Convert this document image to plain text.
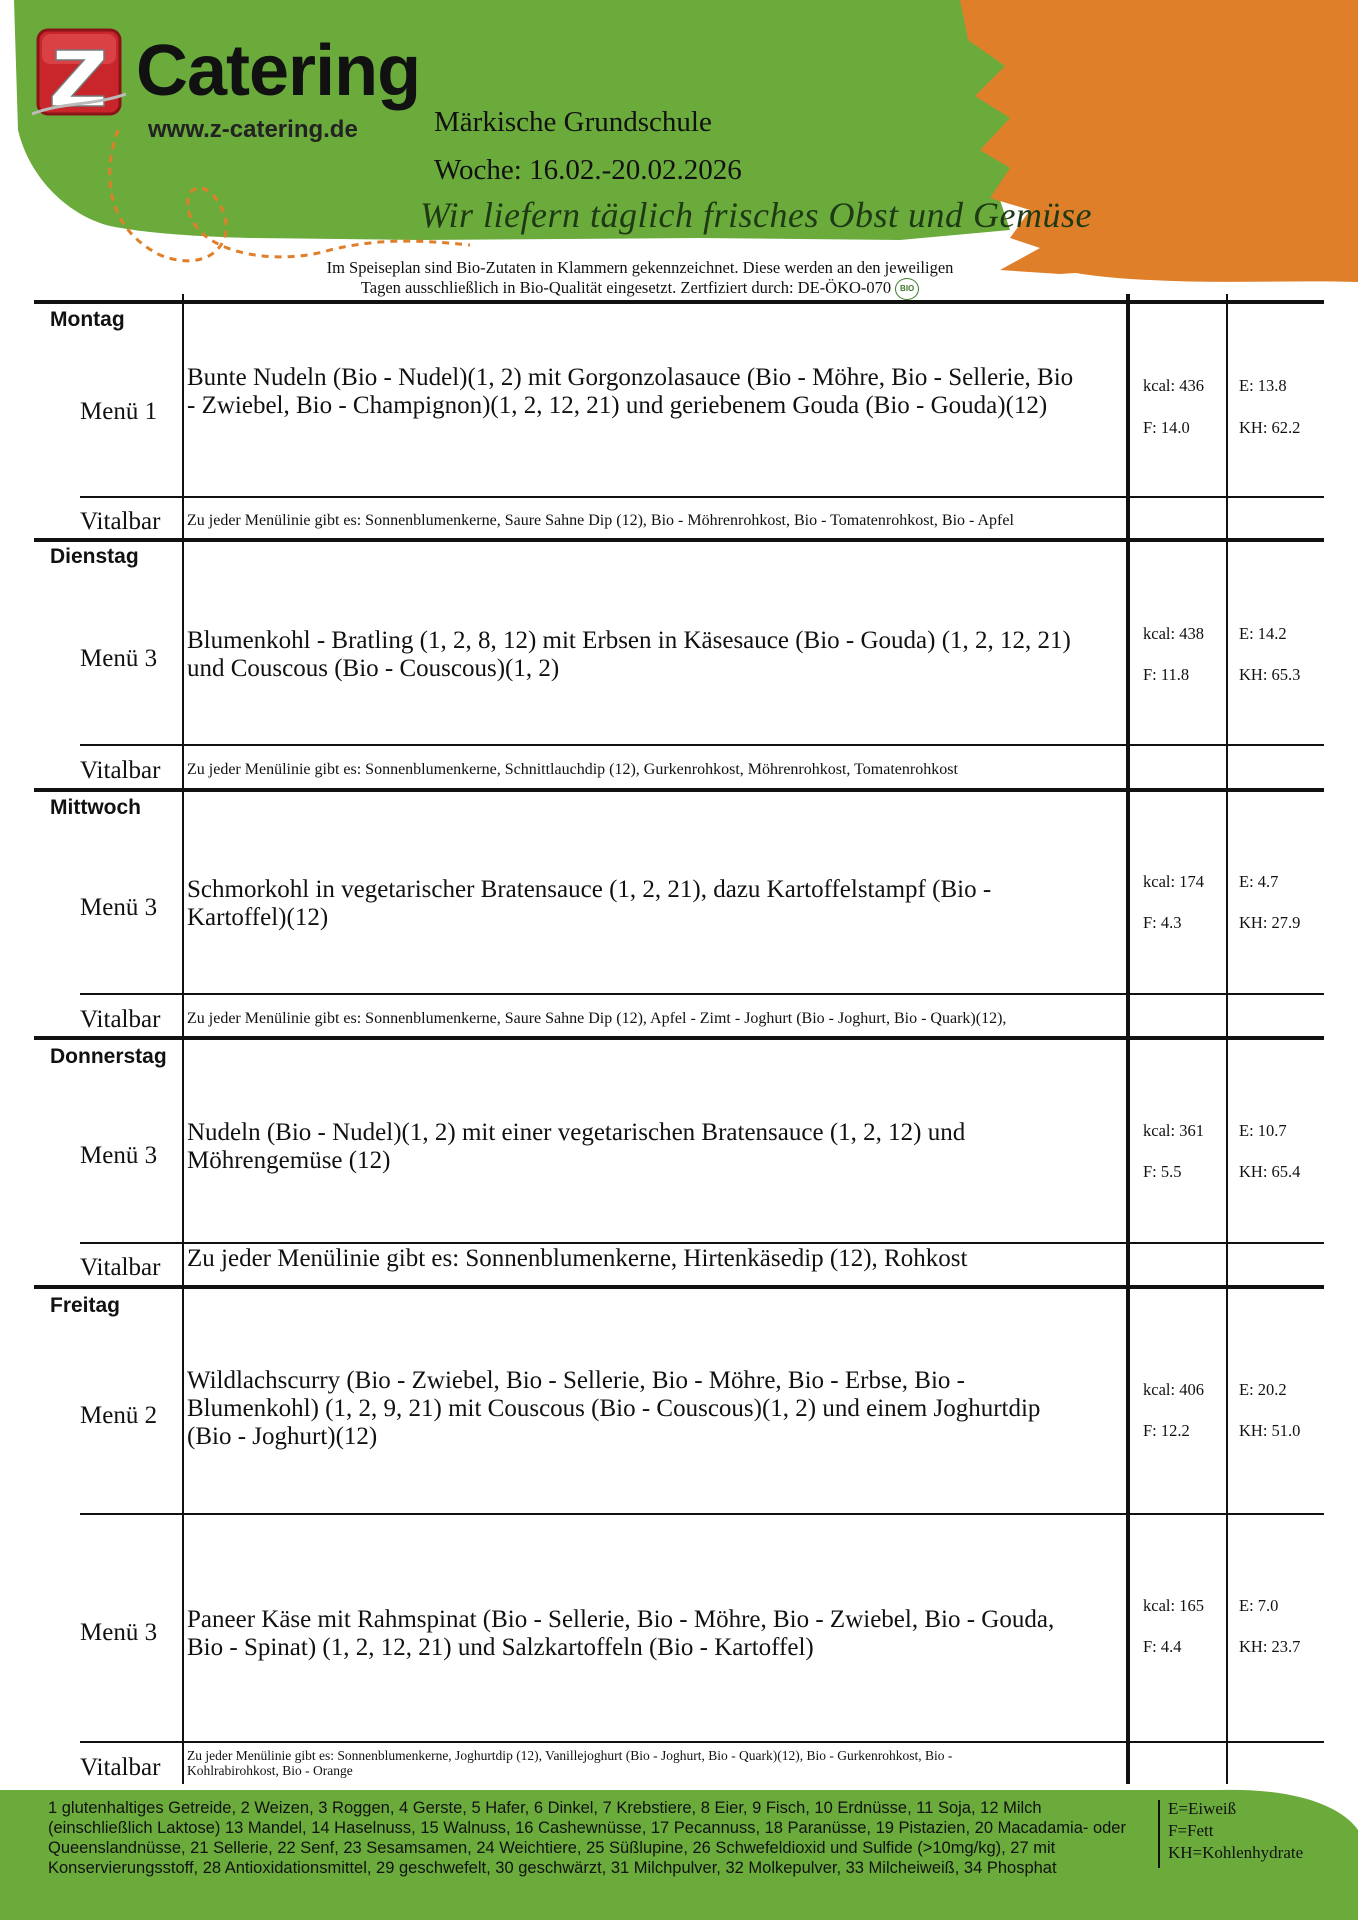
Catering
www.z-catering.de	Märkische Grundschule
Woche: 16.02.-20.02.2026
Wir liefern täglich frisches Obst und Gemüse
Im Speiseplan sind Bio-Zutaten in Klammern gekennzeichnet. Diese werden an den jeweiligen
Tagen ausschließlich in Bio-Qualität eingesetzt. Zertfiziert durch: DE-ÖKO-070 BIO
Montag
Menü 1
Bunte Nudeln (Bio - Nudel)(1, 2) mit Gorgonzolasauce (Bio - Möhre, Bio - Sellerie, Bio - Zwiebel, Bio - Champignon)(1, 2, 12, 21) und geriebenem Gouda (Bio - Gouda)(12)
kcal: 436
F: 14.0
E: 13.8
KH: 62.2
Vitalbar Zu jeder Menülinie gibt es: Sonnenblumenkerne, Saure Sahne Dip (12), Bio - Möhrenrohkost, Bio - Tomatenrohkost, Bio - Apfel
Dienstag
Menü 3
Blumenkohl - Bratling (1, 2, 8, 12) mit Erbsen in Käsesauce (Bio - Gouda) (1, 2, 12, 21) und Couscous (Bio - Couscous)(1, 2)
kcal: 438
F: 11.8
E: 14.2
KH: 65.3
Vitalbar Zu jeder Menülinie gibt es: Sonnenblumenkerne, Schnittlauchdip (12), Gurkenrohkost, Möhrenrohkost, Tomatenrohkost
Mittwoch
Menü 3
Schmorkohl in vegetarischer Bratensauce (1, 2, 21), dazu Kartoffelstampf (Bio - Kartoffel)(12)
kcal: 174
F: 4.3
E: 4.7
KH: 27.9
Vitalbar Zu jeder Menülinie gibt es: Sonnenblumenkerne, Saure Sahne Dip (12), Apfel - Zimt - Joghurt (Bio - Joghurt, Bio - Quark)(12),
Donnerstag
Menü 3
Nudeln (Bio - Nudel)(1, 2) mit einer vegetarischen Bratensauce (1, 2, 12) und Möhrengemüse (12)
kcal: 361
F: 5.5
E: 10.7
KH: 65.4
Vitalbar Zu jeder Menülinie gibt es: Sonnenblumenkerne, Hirtenkäsedip (12), Rohkost
Freitag
Menü 2
Wildlachscurry (Bio - Zwiebel, Bio - Sellerie, Bio - Möhre, Bio - Erbse, Bio - Blumenkohl) (1, 2, 9, 21) mit Couscous (Bio - Couscous)(1, 2) und einem Joghurtdip (Bio - Joghurt)(12)
kcal: 406
F: 12.2
E: 20.2
KH: 51.0
Menü 3 Paneer Käse mit Rahmspinat (Bio - Sellerie, Bio - Möhre, Bio - Zwiebel, Bio - Gouda, Bio - Spinat) (1, 2, 12, 21) und Salzkartoffeln (Bio - Kartoffel)
kcal: 165
F: 4.4
E: 7.0
KH: 23.7
Vitalbar Zu jeder Menülinie gibt es: Sonnenblumenkerne, Joghurtdip (12), Vanillejoghurt (Bio - Joghurt, Bio - Quark)(12), Bio - Gurkenrohkost, Bio - Kohlrabirohkost, Bio - Orange
1 glutenhaltiges Getreide, 2 Weizen, 3 Roggen, 4 Gerste, 5 Hafer, 6 Dinkel, 7 Krebstiere, 8 Eier, 9 Fisch, 10 Erdnüsse, 11 Soja, 12 Milch (einschließlich Laktose) 13 Mandel, 14 Haselnuss, 15 Walnuss, 16 Cashewnüsse, 17 Pecannuss, 18 Paranüsse, 19 Pistazien, 20 Macadamia- oder Queenslandnüsse, 21 Sellerie, 22 Senf, 23 Sesamsamen, 24 Weichtiere, 25 Süßlupine, 26 Schwefeldioxid und Sulfide (>10mg/kg), 27 mit Konservierungsstoff, 28 Antioxidationsmittel, 29 geschwefelt, 30 geschwärzt, 31 Milchpulver, 32 Molkepulver, 33 Milcheiweiß, 34 Phosphat
E=Eiweiß
F=Fett
KH=Kohlenhydrate
